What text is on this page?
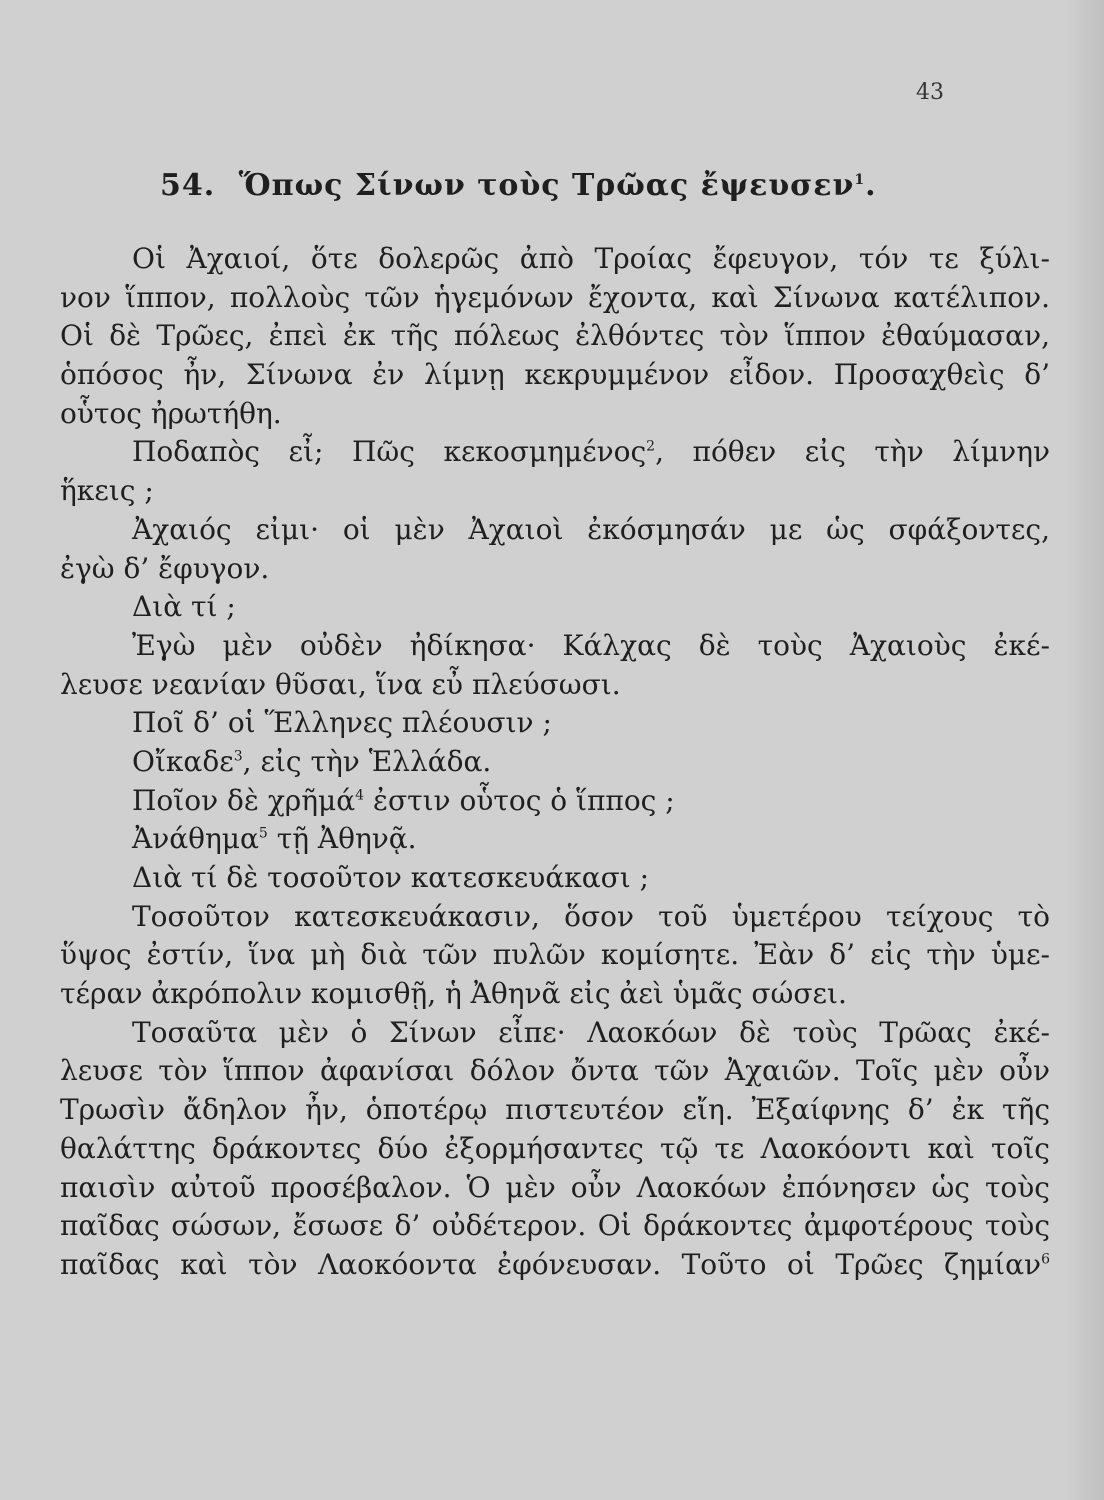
43
54. Ὅπως Σίνων τοὺς Τρῶας ἔψευσεν$^1$.
Οἱ Ἀχαιοί, ὅτε δολερῶς ἀπὸ Τροίας ἔφευγον, τόν τε ξύλι-
νον ἵππον, πολλοὺς τῶν ἡγεμόνων ἔχοντα, καὶ Σίνωνα κατέλιπον.
Οἱ δὲ Τρῶες, ἐπεὶ ἐκ τῆς πόλεως ἐλθόντες τὸν ἵππον ἐθαύμασαν,
ὁπόσος ἦν, Σίνωνα ἐν λίμνῃ κεκρυμμένον εἶδον. Προσαχθεὶς δ’
οὗτος ἠρωτήθη.
Ποδαπὸς εἶ; Πῶς κεκοσμημένος$^2$, πόθεν εἰς τὴν λίμνην
ἥκεις ;
Ἀχαιός εἰμι· οἱ μὲν Ἀχαιοὶ ἐκόσμησάν με ὡς σφάξοντες,
ἐγὼ δ’ ἔφυγον.
Διὰ τί ;
Ἐγὼ μὲν οὐδὲν ἠδίκησα· Κάλχας δὲ τοὺς Ἀχαιοὺς ἐκέ-
λευσε νεανίαν θῦσαι, ἵνα εὖ πλεύσωσι.
Ποῖ δ’ οἱ Ἕλληνες πλέουσιν ;
Οἴκαδε$^3$, εἰς τὴν Ἑλλάδα.
Ποῖον δὲ χρῆμά$^4$ ἐστιν οὗτος ὁ ἵππος ;
Ἀνάθημα$^5$ τῇ Ἀθηνᾷ.
Διὰ τί δὲ τοσοῦτον κατεσκευάκασι ;
Τοσοῦτον κατεσκευάκασιν, ὅσον τοῦ ὑμετέρου τείχους τὸ
ὕψος ἐστίν, ἵνα μὴ διὰ τῶν πυλῶν κομίσητε. Ἐὰν δ’ εἰς τὴν ὑμε-
τέραν ἀκρόπολιν κομισθῇ, ἡ Ἀθηνᾶ εἰς ἀεὶ ὑμᾶς σώσει.
Τοσαῦτα μὲν ὁ Σίνων εἶπε· Λαοκόων δὲ τοὺς Τρῶας ἐκέ-
λευσε τὸν ἵππον ἀφανίσαι δόλον ὄντα τῶν Ἀχαιῶν. Τοῖς μὲν οὖν
Τρωσὶν ἄδηλον ἦν, ὁποτέρῳ πιστευτέον εἴη. Ἐξαίφνης δ’ ἐκ τῆς
θαλάττης δράκοντες δύο ἐξορμήσαντες τῷ τε Λαοκόοντι καὶ τοῖς
παισὶν αὐτοῦ προσέβαλον. Ὁ μὲν οὖν Λαοκόων ἐπόνησεν ὡς τοὺς
παῖδας σώσων, ἔσωσε δ’ οὐδέτερον. Οἱ δράκοντες ἀμφοτέρους τοὺς
παῖδας καὶ τὸν Λαοκόοντα ἐφόνευσαν. Τοῦτο οἱ Τρῶες ζημίαν$^6$
